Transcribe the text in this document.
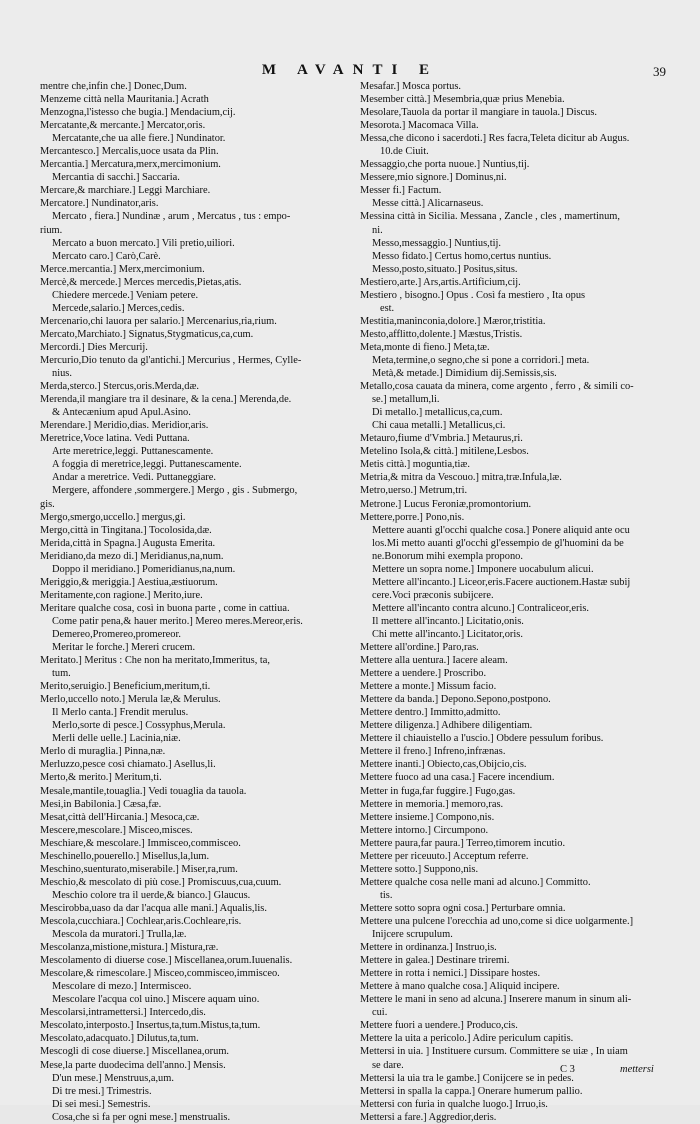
M AVANTI E	39
mentre che,infin che.] Donec,Dum.
Menzeme città nella Mauritania.] Acrath
Menzogna,l'istesso che bugia.] Mendacium,cij.
Mercatante,& mercante.] Mercator,oris.
Mercatante,che ua alle fiere.] Nundinator.
Mercantesco.] Mercalis,uoce usata da Plin.
Mercantia.] Mercatura,merx,mercimonium.
Mercantia di sacchi.] Saccaria.
Mercare,& marchiare.] Leggi Marchiare.
Mercatore.] Nundinator,aris.
Mercato , fiera.] Nundinæ , arum , Mercatus , tus : empo-
rium.
Mercato a buon mercato.] Vili pretio,uiliori.
Mercato caro.] Carò,Carè.
Merce.mercantia.] Merx,mercimonium.
Mercè,& mercede.] Merces mercedis,Pietas,atis.
Chiedere mercede.] Veniam petere.
Mercede,salario.] Merces,cedis.
Mercenario,chi lauora per salario.] Mercenarius,ria,rium.
Mercato,Marchiato.] Signatus,Stygmaticus,ca,cum.
Mercordi.] Dies Mercurij.
Mercurio,Dio tenuto da gl'antichi.] Mercurius , Hermes, Cylle-
nius.
Merda,sterco.] Stercus,oris.Merda,dæ.
Merenda,il mangiare tra il desinare, & la cena.] Merenda,de.
& Antecænium apud Apul.Asino.
Merendare.] Meridio,dias. Meridior,aris.
Meretrice,Voce latina. Vedi Puttana.
Arte meretrice,leggi. Puttanescamente.
A foggia di meretrice,leggi. Puttanescamente.
Andar a meretrice. Vedi. Puttaneggiare.
Mergere, affondere ,sommergere.] Mergo , gis . Submergo,
gis.
Mergo,smergo,uccello.] mergus,gi.
Mergo,città in Tingitana.] Tocolosida,dæ.
Merida,città in Spagna.] Augusta Emerita.
Meridiano,da mezo di.] Meridianus,na,num.
Doppo il meridiano.] Pomeridianus,na,num.
Meriggio,& meriggia.] Aestiua,æstiuorum.
Meritamente,con ragione.] Merito,iure.
Meritare qualche cosa, così in buona parte , come in cattiua.
Come patir pena,& hauer merito.] Mereo meres.Mereor,eris.
Demereo,Promereo,promereor.
Meritar le forche.] Mereri crucem.
Meritato.] Meritus : Che non ha meritato,Immeritus, ta,
tum.
Merito,seruigio.] Beneficium,meritum,ti.
Merlo,uccello noto.] Merula læ,& Merulus.
Il Merlo canta.] Frendit merulus.
Merlo,sorte di pesce.] Cossyphus,Merula.
Merli delle uelle.] Lacinia,niæ.
Merlo di muraglia.] Pinna,næ.
Merluzzo,pesce così chiamato.] Asellus,li.
Merto,& merito.] Meritum,ti.
Mesale,mantile,touaglia.] Vedi touaglia da tauola.
Mesi,in Babilonia.] Cæsa,fæ.
Mesat,città dell'Hircania.] Mesoca,cæ.
Mescere,mescolare.] Misceo,misces.
Meschiare,& mescolare.] Immisceo,commisceo.
Meschinello,pouerello.] Misellus,la,lum.
Meschino,suenturato,miserabile.] Miser,ra,rum.
Meschio,& mescolato di più cose.] Promiscuus,cua,cuum.
Meschio colore tra il uerde,& bianco.] Glaucus.
Mescirobba,uaso da dar l'acqua alle mani.] Aqualis,lis.
Mescola,cucchiara.] Cochlear,aris.Cochleare,ris.
Mescola da muratori.] Trulla,læ.
Mescolanza,mistione,mistura.] Mistura,ræ.
Mescolamento di diuerse cose.] Miscellanea,orum.Iuuenalis.
Mescolare,& rimescolare.] Misceo,commisceo,immisceo.
Mescolare di mezo.] Intermisceo.
Mescolare l'acqua col uino.] Miscere aquam uino.
Mescolarsi,intramettersi.] Intercedo,dis.
Mescolato,interposto.] Insertus,ta,tum.Mistus,ta,tum.
Mescolato,adacquato.] Dilutus,ta,tum.
Mescogli di cose diuerse.] Miscellanea,orum.
Mese,la parte duodecima dell'anno.] Mensis.
D'un mese.] Menstruus,a,um.
Di tre mesi.] Trimestris.
Di sei mesi.] Semestris.
Cosa,che si fa per ogni mese.] menstrualis.
Mesafar.] Mosca portus.
Mesember città.] Mesembria,quæ prius Menebia.
Mesolare,Tauola da portar il mangiare in tauola.] Discus.
Mesorota.] Macomaca Villa.
Messa,che dicono i sacerdoti.] Res facra,Teleta dicitur ab Augus.
10.de Ciuit.
Messaggio,che porta nuoue.] Nuntius,tij.
Messere,mio signore.] Dominus,ni.
Messer fi.] Factum.
Messe città.] Alicarnaseus.
Messina città in Sicilia. Messana , Zancle , cles , mamertinum,
ni.
Messo,messaggio.] Nuntius,tij.
Messo fidato.] Certus homo,certus nuntius.
Messo,posto,situato.] Positus,situs.
Mestiero,arte.] Ars,artis.Artificium,cij.
Mestiero , bisogno.] Opus . Così fa mestiero , Ita opus
est.
Mestitia,maninconia,dolore.] Mæror,tristitia.
Mesto,afflitto,dolente.] Mæstus,Tristis.
Meta,monte di fieno.] Meta,tæ.
Meta,termine,o segno,che si pone a corridori.] meta.
Metà,& metade.] Dimidium dij.Semissis,sis.
Metallo,cosa cauata da minera, come argento , ferro , & simili co-
se.] metallum,li.
Di metallo.] metallicus,ca,cum.
Chi caua metalli.] Metallicus,ci.
Metauro,fiume d'Vmbria.] Metaurus,ri.
Metelino Isola,& città.] mitilene,Lesbos.
Metis città.] moguntia,tiæ.
Metria,& mitra da Vescouo.] mitra,træ.Infula,læ.
Metro,uerso.] Metrum,tri.
Metrone.] Lucus Feroniæ,promontorium.
Mettere,porre.] Pono,nis.
Mettere auanti gl'occhi qualche cosa.] Ponere aliquid ante ocu
los.Mi metto auanti gl'occhi gl'essempio de gl'huomini da be
ne.Bonorum mihi exempla propono.
Mettere un sopra nome.] Imponere uocabulum alicui.
Mettere all'incanto.] Liceor,eris.Facere auctionem.Hastæ subij
cere.Voci præconis subijcere.
Mettere all'incanto contra alcuno.] Contraliceor,eris.
Il mettere all'incanto.] Licitatio,onis.
Chi mette all'incanto.] Licitator,oris.
Mettere all'ordine.] Paro,ras.
Mettere alla uentura.] Iacere aleam.
Mettere a uendere.] Proscribo.
Mettere a monte.] Missum facio.
Mettere da banda.] Depono.Sepono,postpono.
Mettere dentro.] Immitto,admitto.
Mettere diligenza.] Adhibere diligentiam.
Mettere il chiauistello a l'uscio.] Obdere pessulum foribus.
Mettere il freno.] Infreno,infrænas.
Mettere inanti.] Obiecto,cas,Obijcio,cis.
Mettere fuoco ad una casa.] Facere incendium.
Metter in fuga,far fuggire.] Fugo,gas.
Mettere in memoria.] memoro,ras.
Mettere insieme.] Compono,nis.
Mettere intorno.] Circumpono.
Mettere paura,far paura.] Terreo,timorem incutio.
Mettere per riceuuto.] Acceptum referre.
Mettere sotto.] Suppono,nis.
Mettere qualche cosa nelle mani ad alcuno.] Committo.
tis.
Mettere sotto sopra ogni cosa.] Perturbare omnia.
Mettere una pulcene l'orecchia ad uno,come si dice uolgarmente.]
Inijcere scrupulum.
Mettere in ordinanza.] Instruo,is.
Mettere in galea.] Destinare triremi.
Mettere in rotta i nemici.] Dissipare hostes.
Mettere à mano qualche cosa.] Aliquid incipere.
Mettere le mani in seno ad alcuna.] Inserere manum in sinum ali-
cui.
Mettere fuori a uendere.] Produco,cis.
Mettere la uita a pericolo.] Adire periculum capitis.
Mettersi in uia. ] Instituere cursum. Committere se uiæ , In uiam
se dare.
Mettersi la uia tra le gambe.] Conijcere se in pedes.
Mettersi in spalla la cappa.] Onerare humerum pallio.
Mettersi con furia in qualche luogo.] Irruo,is.
Mettersi a fare.] Aggredior,deris.
C 3	mettersi
